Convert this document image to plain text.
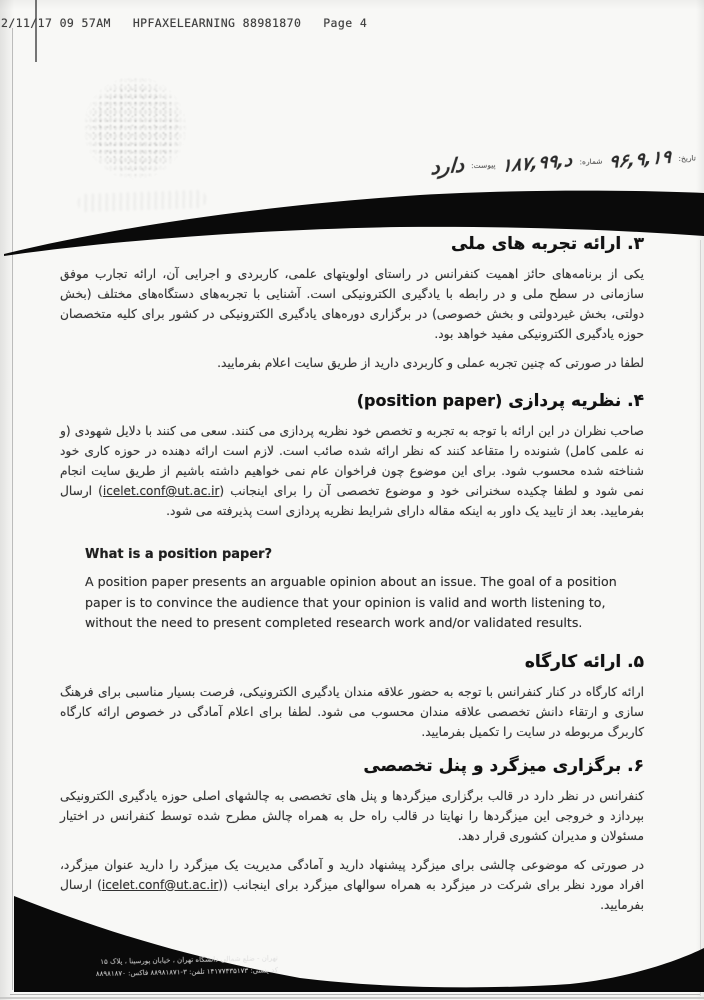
2/11/17 09 57AM   HPFAXELEARNING 88981870   Page 4
تاریخ:
۹۶,۹,۱۹
شماره:
۱۸۷,د,۹۹
پیوست:
دارد
۳. ارائه تجربه های ملی

یکی از برنامه‌های حائز اهمیت کنفرانس در راستای اولویتهای علمی، کاربردی و اجرایی آن، ارائه تجارب موفق سازمانی در سطح ملی و در رابطه با یادگیری الکترونیکی است. آشنایی با تجربه‌های دستگاه‌های مختلف (بخش دولتی، بخش غیردولتی و بخش خصوصی) در برگزاری دوره‌های یادگیری الکترونیکی در کشور برای کلیه متخصصان حوزه یادگیری الکترونیکی مفید خواهد بود.

لطفا در صورتی که چنین تجربه عملی و کاربردی دارید از طریق سایت اعلام بفرمایید.

۴. نظریه پردازی (position paper)

صاحب نظران در این ارائه با توجه به تجربه و تخصص خود نظریه پردازی می کنند. سعی می کنند با دلایل شهودی (و نه علمی کامل) شنونده را متقاعد کنند که نظر ارائه شده صائب است. لازم است ارائه دهنده در حوزه کاری خود شناخته شده محسوب شود. برای این موضوع چون فراخوان عام نمی خواهیم داشته باشیم از طریق سایت انجام نمی شود و لطفا چکیده سخنرانی خود و موضوع تخصصی آن را برای اینجانب (icelet.conf@ut.ac.ir) ارسال بفرمایید. بعد از تایید یک داور به اینکه مقاله دارای شرایط نظریه پردازی است پذیرفته می شود.

What is a position paper?

A position paper presents an arguable opinion about an issue. The goal of a position paper is to convince the audience that your opinion is valid and worth listening to, without the need to present completed research work and/or validated results.

۵. ارائه کارگاه

ارائه کارگاه در کنار کنفرانس با توجه به حضور علاقه مندان یادگیری الکترونیکی، فرصت بسیار مناسبی برای فرهنگ سازی و ارتقاء دانش تخصصی علاقه مندان محسوب می شود. لطفا برای اعلام آمادگی در خصوص ارائه کارگاه کاربرگ مربوطه در سایت را تکمیل بفرمایید.

۶. برگزاری میزگرد و پنل تخصصی

کنفرانس در نظر دارد در قالب برگزاری میزگردها و پنل های تخصصی به چالشهای اصلی حوزه یادگیری الکترونیکی بپردازد و خروجی این میزگردها را نهایتا در قالب راه حل به همراه چالش مطرح شده توسط کنفرانس در اختیار مسئولان و مدیران کشوری قرار دهد.

در صورتی که موضوعی چالشی برای میزگرد پیشنهاد دارید و آمادگی مدیریت یک میزگرد را دارید عنوان میزگرد، افراد مورد نظر برای شرکت در میزگرد به همراه سوالهای میزگرد برای اینجانب ((icelet.conf@ut.ac.ir) ارسال بفرمایید.

تهران - ضلع شمالی دانشگاه تهران ، خیابان پورسینا ، پلاک ۱۵
کد پستی: ۱۴۱۷۷۴۳۵۱۷۳ تلفن: ۳-۸۸۹۸۱۸۷۱ فاکس: ۸۸۹۸۱۸۷۰
